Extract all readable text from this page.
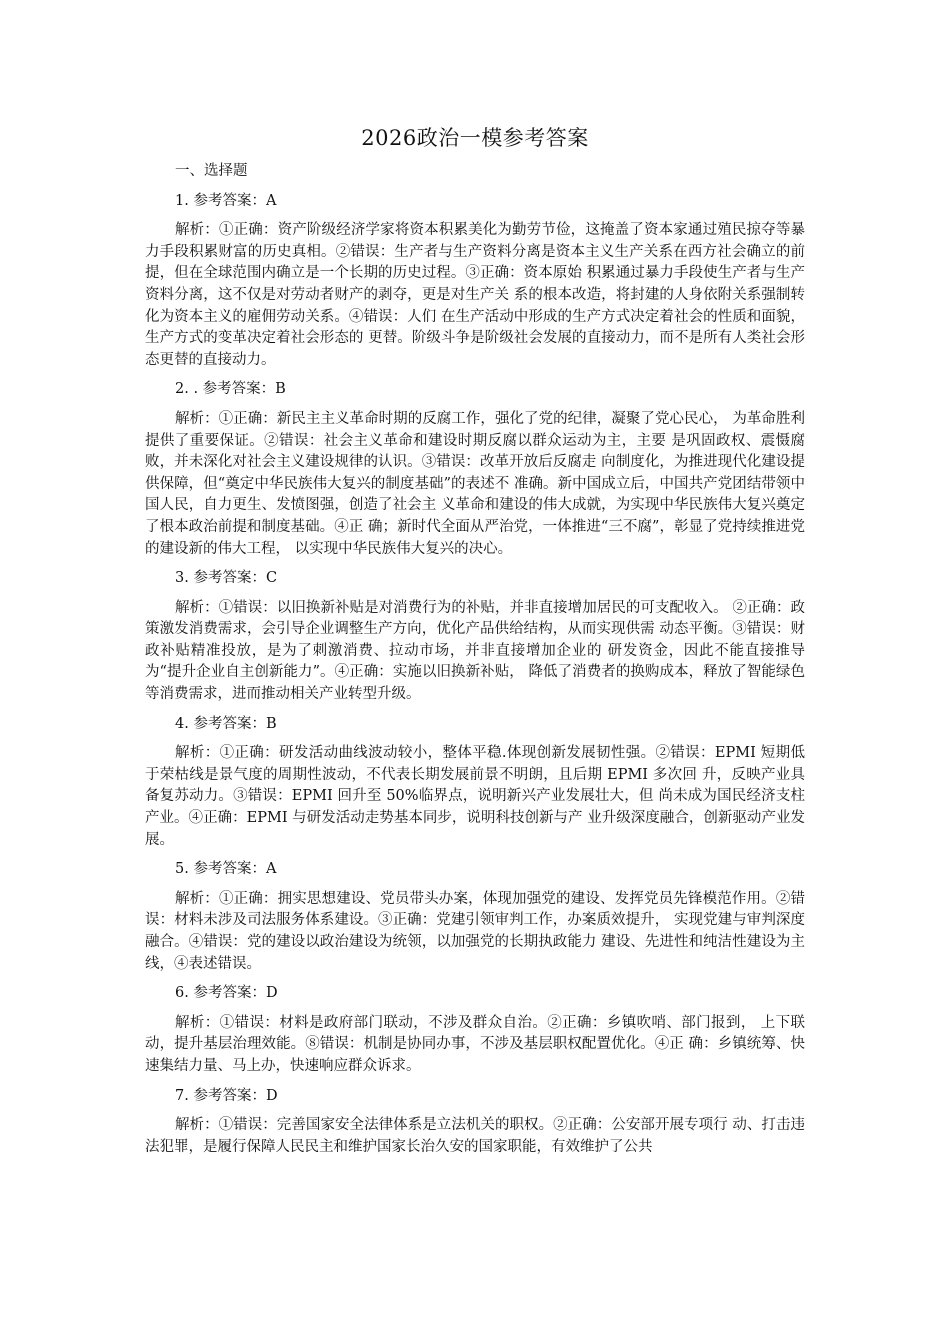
2026政治一模参考答案

一、选择题

1. 参考答案：A

解析：①正确：资产阶级经济学家将资本积累美化为勤劳节俭，这掩盖了资本家通过殖民掠夺等暴力手段积累财富的历史真相。②错误：生产者与生产资料分离是资本主义生产关系在西方社会确立的前提，但在全球范围内确立是一个长期的历史过程。③正确：资本原始 积累通过暴力手段使生产者与生产资料分离，这不仅是对劳动者财产的剥夺，更是对生产关 系的根本改造，将封建的人身依附关系强制转化为资本主义的雇佣劳动关系。④错误：人们 在生产活动中形成的生产方式决定着社会的性质和面貌，生产方式的变革决定着社会形态的 更替。阶级斗争是阶级社会发展的直接动力，而不是所有人类社会形态更替的直接动力。

2. . 参考答案：B

解析：①正确：新民主主义革命时期的反腐工作，强化了党的纪律，凝聚了党心民心， 为革命胜利提供了重要保证。②错误：社会主义革命和建设时期反腐以群众运动为主，主要 是巩固政权、震慑腐败，并未深化对社会主义建设规律的认识。③错误：改革开放后反腐走 向制度化，为推进现代化建设提供保障，但“奠定中华民族伟大复兴的制度基础”的表述不 准确。新中国成立后，中国共产党团结带领中国人民，自力更生、发愤图强，创造了社会主 义革命和建设的伟大成就，为实现中华民族伟大复兴奠定了根本政治前提和制度基础。④正 确；新时代全面从严治党，一体推进“三不腐”，彰显了党持续推进党的建设新的伟大工程， 以实现中华民族伟大复兴的决心。

3. 参考答案：C

解析：①错误：以旧换新补贴是对消费行为的补贴，并非直接增加居民的可支配收入。 ②正确：政策激发消费需求，会引导企业调整生产方向，优化产品供给结构，从而实现供需 动态平衡。③错误：财政补贴精准投放，是为了刺激消费、拉动市场，并非直接增加企业的 研发资金，因此不能直接推导为“提升企业自主创新能力”。④正确：实施以旧换新补贴， 降低了消费者的换购成本，释放了智能绿色等消费需求，进而推动相关产业转型升级。

4. 参考答案：B

解析：①正确：研发活动曲线波动较小，整体平稳.体现创新发展韧性强。②错误：EPMI 短期低于荣枯线是景气度的周期性波动，不代表长期发展前景不明朗，且后期 EPMI 多次回 升，反映产业具备复苏动力。③错误：EPMI 回升至 50%临界点，说明新兴产业发展壮大，但 尚未成为国民经济支柱产业。④正确：EPMI 与研发活动走势基本同步，说明科技创新与产 业升级深度融合，创新驱动产业发展。

5. 参考答案：A

解析：①正确：拥实思想建设、党员带头办案，体现加强党的建设、发挥党员先锋模范作用。②错误：材料未涉及司法服务体系建设。③正确：党建引领审判工作，办案质效提升， 实现党建与审判深度融合。④错误：党的建设以政治建设为统领，以加强党的长期执政能力 建设、先进性和纯洁性建设为主线，④表述错误。

6. 参考答案：D

解析：①错误：材料是政府部门联动，不涉及群众自治。②正确：乡镇吹哨、部门报到， 上下联动，提升基层治理效能。⑧错误：机制是协同办事，不涉及基层职权配置优化。④正 确：乡镇统筹、快速集结力量、马上办，快速响应群众诉求。

7. 参考答案：D

解析：①错误：完善国家安全法律体系是立法机关的职权。②正确：公安部开展专项行 动、打击违法犯罪，是履行保障人民民主和维护国家长治久安的国家职能，有效维护了公共
